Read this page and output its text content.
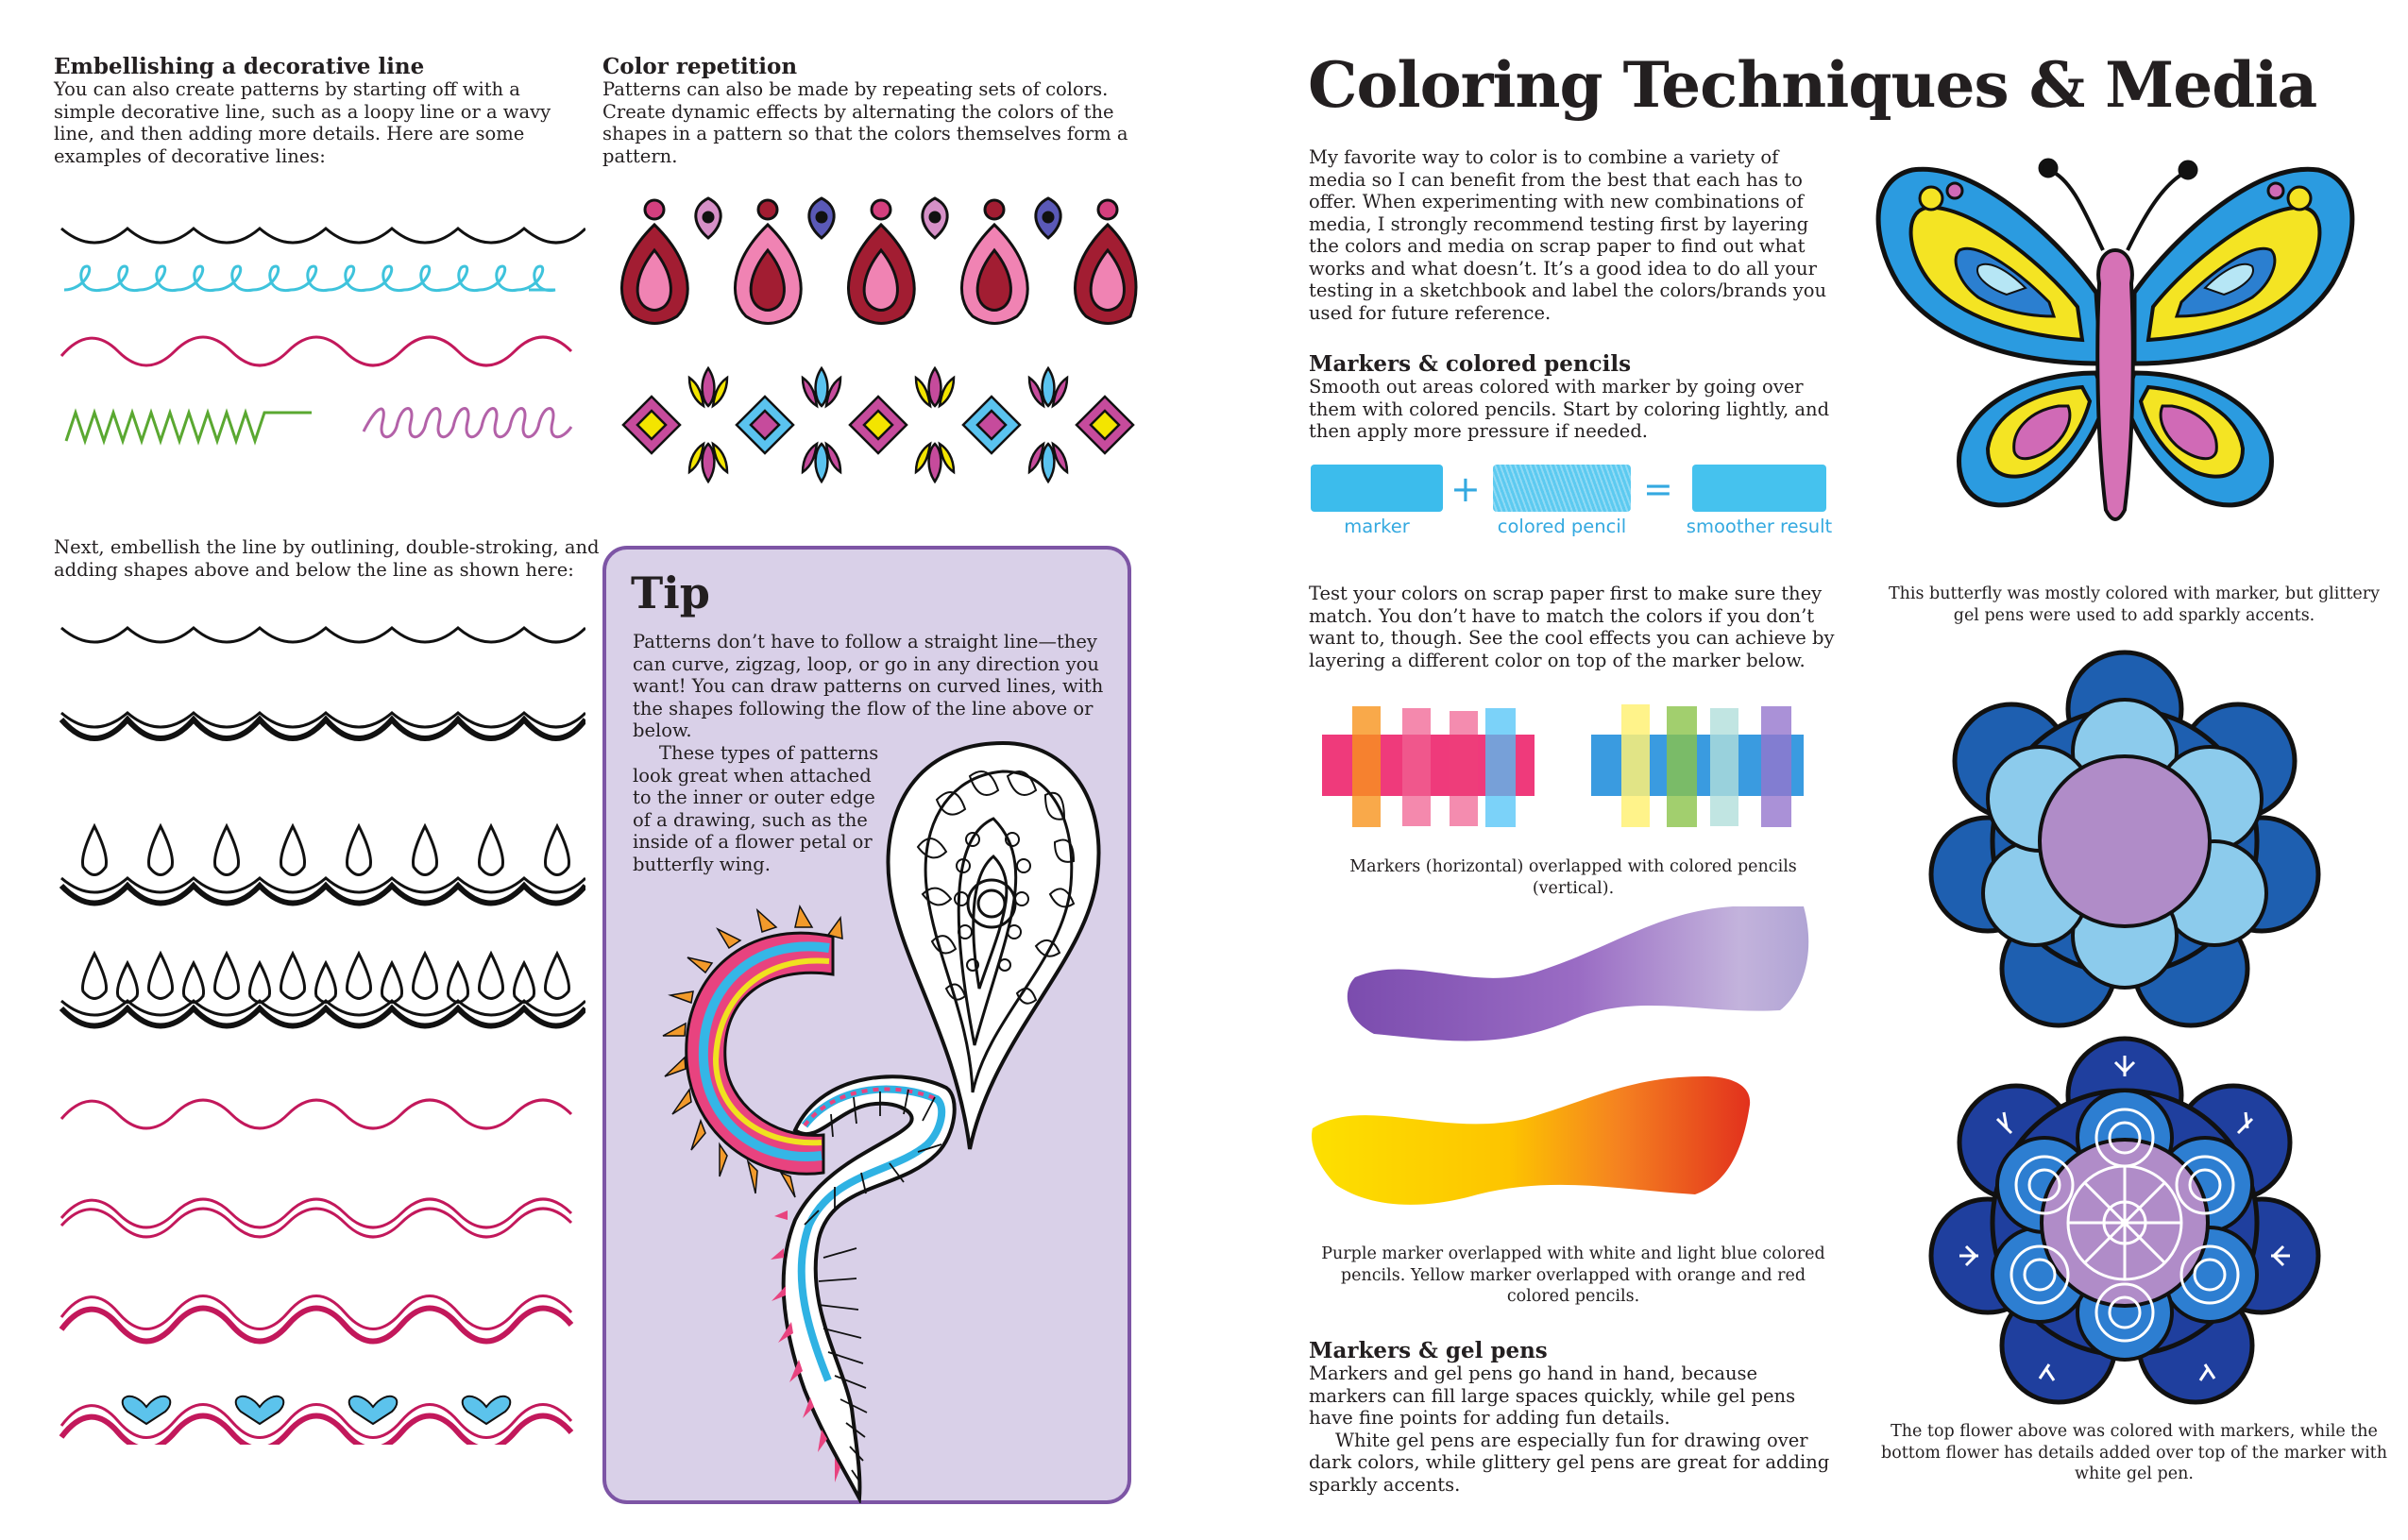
Embellishing a decorative line

You can also create patterns by starting off with a simple decorative line, such as a loopy line or a wavy line, and then adding more details. Here are some examples of decorative lines:

Next, embellish the line by outlining, double-stroking, and adding shapes above and below the line as shown here:

Color repetition

Patterns can also be made by repeating sets of colors. Create dynamic effects by alternating the colors of the shapes in a pattern so that the colors themselves form a pattern.

Tip

Patterns don’t have to follow a straight line—they can curve, zigzag, loop, or go in any direction you want! You can draw patterns on curved lines, with the shapes following the flow of the line above or below.

These types of patterns look great when attached to the inner or outer edge of a drawing, such as the inside of a flower petal or butterfly wing.

Coloring Techniques & Media

My favorite way to color is to combine a variety of media so I can benefit from the best that each has to offer. When experimenting with new combinations of media, I strongly recommend testing first by layering the colors and media on scrap paper to find out what works and what doesn’t. It’s a good idea to do all your testing in a sketchbook and label the colors/brands you used for future reference.

Markers & colored pencils

Smooth out areas colored with marker by going over them with colored pencils. Start by coloring lightly, and then apply more pressure if needed.

+	=
marker	colored pencil	smoother result

Test your colors on scrap paper first to make sure they match. You don’t have to match the colors if you don’t want to, though. See the cool effects you can achieve by layering a different color on top of the marker below.

Markers (horizontal) overlapped with colored pencils (vertical).

Purple marker overlapped with white and light blue colored pencils. Yellow marker overlapped with orange and red colored pencils.

Markers & gel pens

Markers and gel pens go hand in hand, because markers can fill large spaces quickly, while gel pens have fine points for adding fun details.

White gel pens are especially fun for drawing over dark colors, while glittery gel pens are great for adding sparkly accents.

This butterfly was mostly colored with marker, but glittery gel pens were used to add sparkly accents.

The top flower above was colored with markers, while the bottom flower has details added over top of the marker with white gel pen.
